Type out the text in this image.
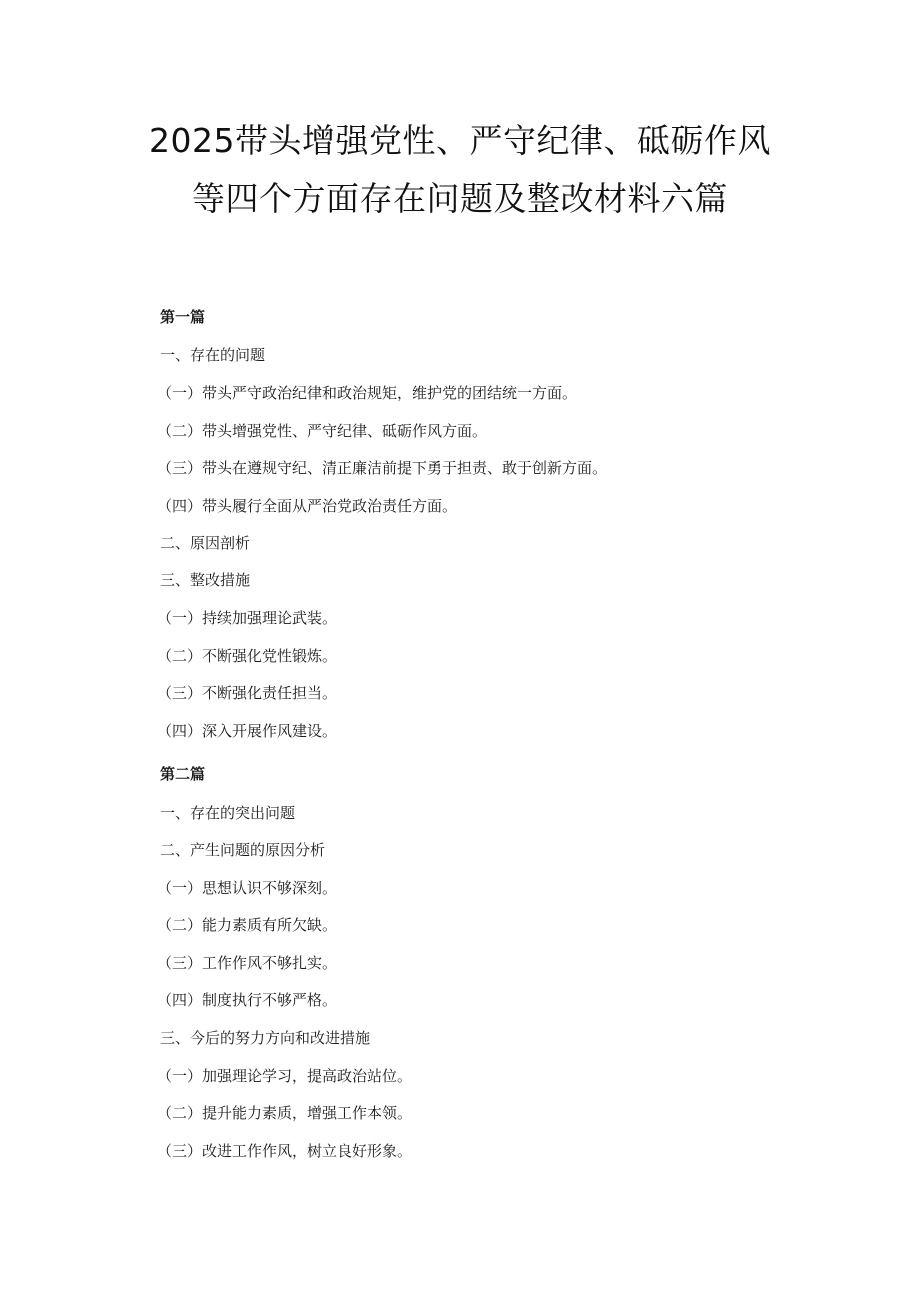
2025带头增强党性、严守纪律、砥砺作风
等四个方面存在问题及整改材料六篇
第一篇
一、存在的问题
（一）带头严守政治纪律和政治规矩，维护党的团结统一方面。
（二）带头增强党性、严守纪律、砥砺作风方面。
（三）带头在遵规守纪、清正廉洁前提下勇于担责、敢于创新方面。
（四）带头履行全面从严治党政治责任方面。
二、原因剖析
三、整改措施
（一）持续加强理论武装。
（二）不断强化党性锻炼。
（三）不断强化责任担当。
（四）深入开展作风建设。
第二篇
一、存在的突出问题
二、产生问题的原因分析
（一）思想认识不够深刻。
（二）能力素质有所欠缺。
（三）工作作风不够扎实。
（四）制度执行不够严格。
三、今后的努力方向和改进措施
（一）加强理论学习，提高政治站位。
（二）提升能力素质，增强工作本领。
（三）改进工作作风，树立良好形象。
